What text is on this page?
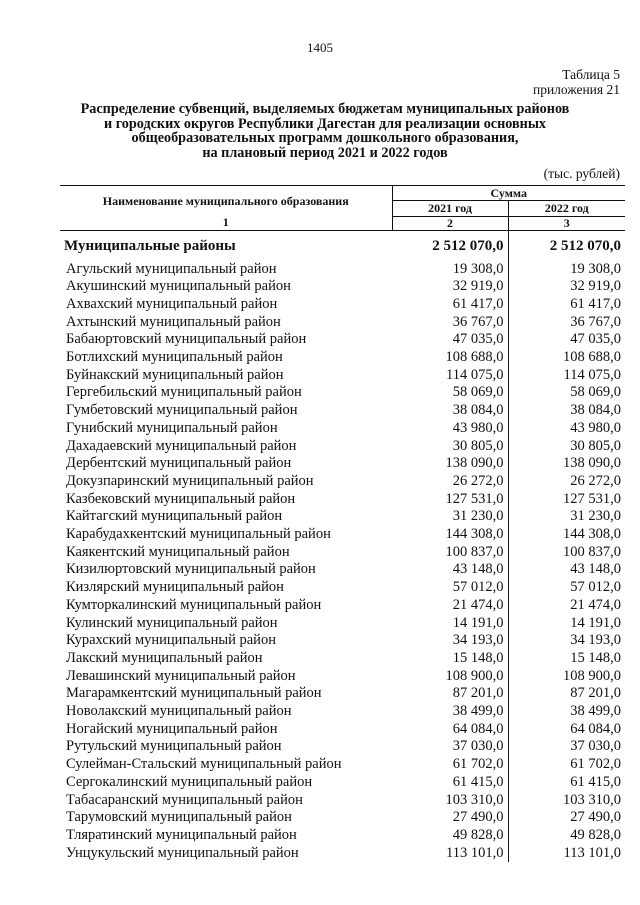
1405
Таблица 5
приложения 21
Распределение субвенций, выделяемых бюджетам муниципальных районов
и городских округов Республики Дагестан для реализации основных
общеобразовательных программ дошкольного образования,
на плановый период 2021 и 2022 годов
(тыс. рублей)
Наименование муниципального образования	Сумма	
	2021 год	2022 год
1	2	3
Муниципальные районы	2 512 070,0	2 512 070,0
Агульский муниципальный район	19 308,0	19 308,0
Акушинский муниципальный район	32 919,0	32 919,0
Ахвахский муниципальный район	61 417,0	61 417,0
Ахтынский муниципальный район	36 767,0	36 767,0
Бабаюртовский муниципальный район	47 035,0	47 035,0
Ботлихский муниципальный район	108 688,0	108 688,0
Буйнакский муниципальный район	114 075,0	114 075,0
Гергебильский муниципальный район	58 069,0	58 069,0
Гумбетовский муниципальный район	38 084,0	38 084,0
Гунибский муниципальный район	43 980,0	43 980,0
Дахадаевский муниципальный район	30 805,0	30 805,0
Дербентский муниципальный район	138 090,0	138 090,0
Докузпаринский муниципальный район	26 272,0	26 272,0
Казбековский муниципальный район	127 531,0	127 531,0
Кайтагский муниципальный район	31 230,0	31 230,0
Карабудахкентский муниципальный район	144 308,0	144 308,0
Каякентский муниципальный район	100 837,0	100 837,0
Кизилюртовский муниципальный район	43 148,0	43 148,0
Кизлярский муниципальный район	57 012,0	57 012,0
Кумторкалинский муниципальный район	21 474,0	21 474,0
Кулинский муниципальный район	14 191,0	14 191,0
Курахский муниципальный район	34 193,0	34 193,0
Лакский муниципальный район	15 148,0	15 148,0
Левашинский муниципальный район	108 900,0	108 900,0
Магарамкентский муниципальный район	87 201,0	87 201,0
Новолакский муниципальный район	38 499,0	38 499,0
Ногайский муниципальный район	64 084,0	64 084,0
Рутульский муниципальный район	37 030,0	37 030,0
Сулейман-Стальский муниципальный район	61 702,0	61 702,0
Сергокалинский муниципальный район	61 415,0	61 415,0
Табасаранский муниципальный район	103 310,0	103 310,0
Тарумовский муниципальный район	27 490,0	27 490,0
Тляратинский муниципальный район	49 828,0	49 828,0
Унцукульский муниципальный район	113 101,0	113 101,0
